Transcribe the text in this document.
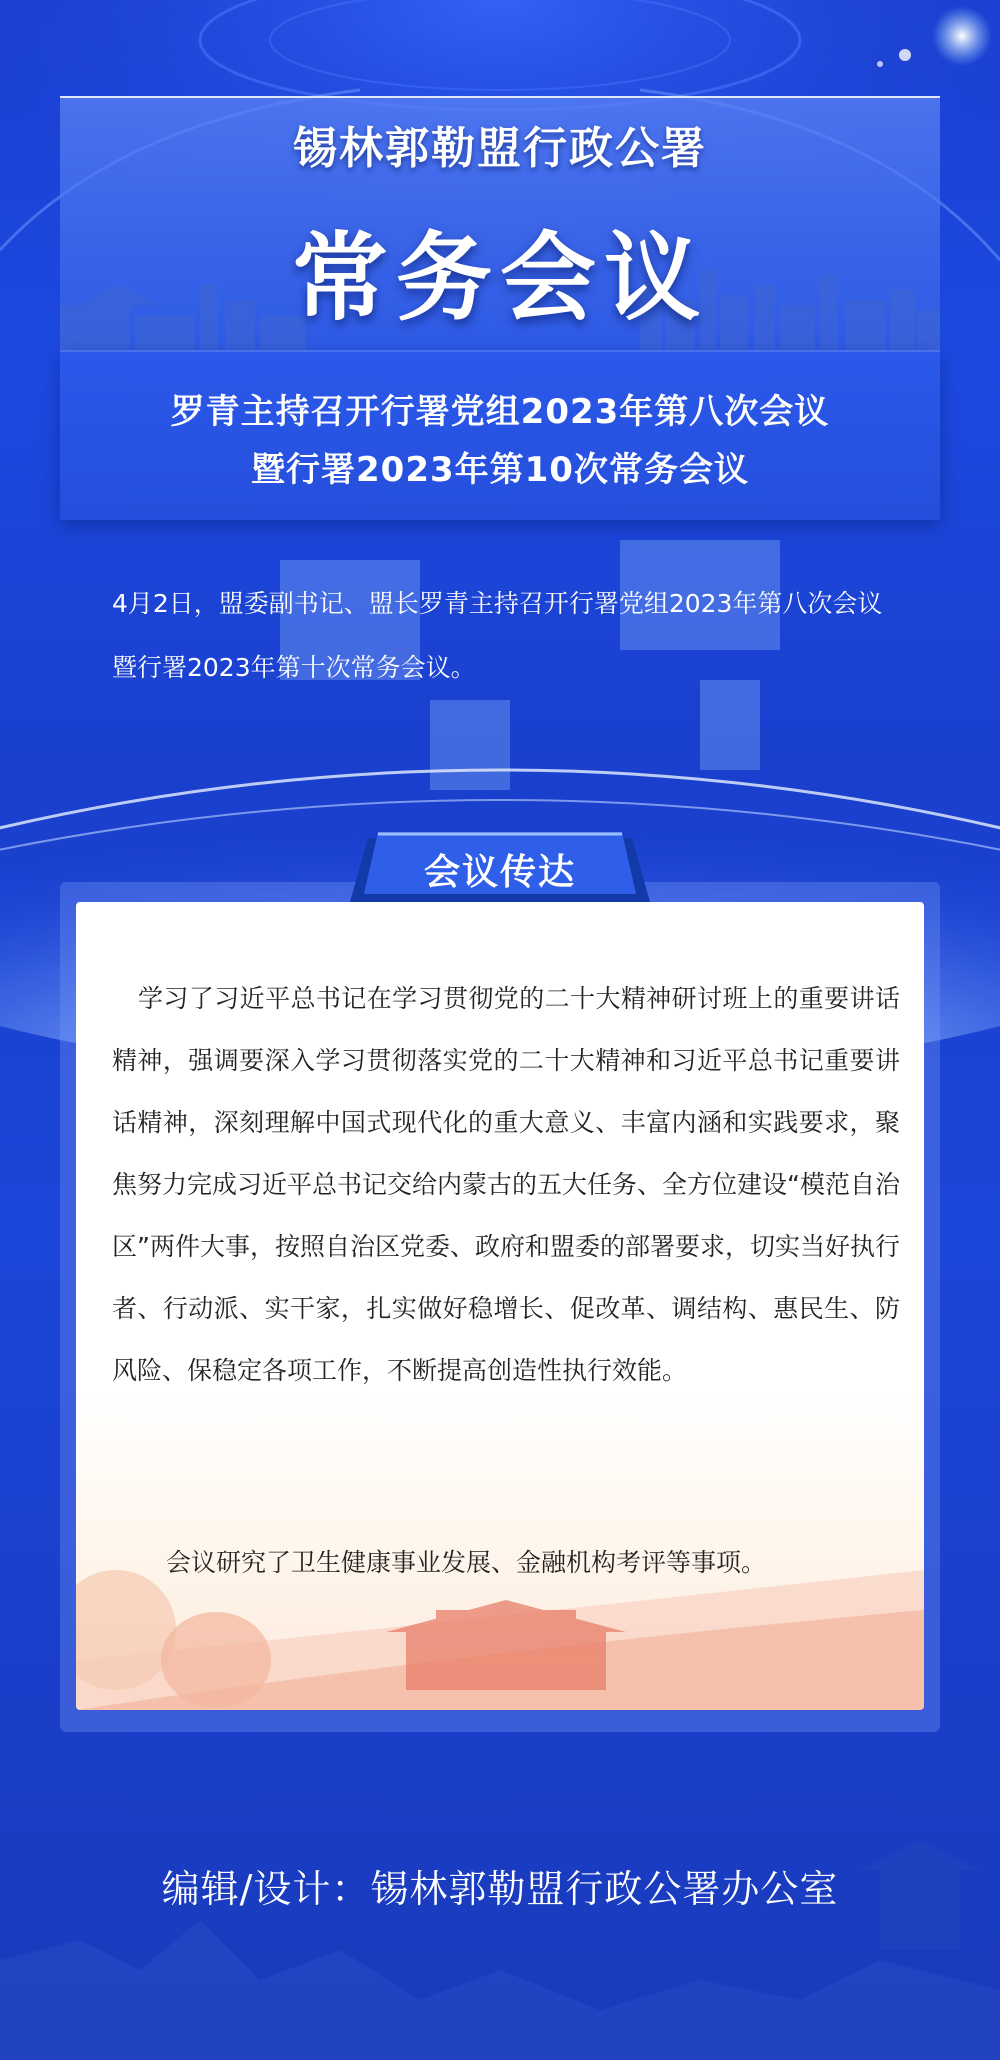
锡林郭勒盟行政公署
常务会议
罗青主持召开行署党组2023年第八次会议
暨行署2023年第10次常务会议
4月2日，盟委副书记、盟长罗青主持召开行署党组2023年第八次会议暨行署2023年第十次常务会议。
会议传达
学习了习近平总书记在学习贯彻党的二十大精神研讨班上的重要讲话精神，强调要深入学习贯彻落实党的二十大精神和习近平总书记重要讲话精神，深刻理解中国式现代化的重大意义、丰富内涵和实践要求，聚焦努力完成习近平总书记交给内蒙古的五大任务、全方位建设“模范自治区”两件大事，按照自治区党委、政府和盟委的部署要求，切实当好执行者、行动派、实干家，扎实做好稳增长、促改革、调结构、惠民生、防风险、保稳定各项工作，不断提高创造性执行效能。
会议研究了卫生健康事业发展、金融机构考评等事项。
编辑/设计：锡林郭勒盟行政公署办公室
